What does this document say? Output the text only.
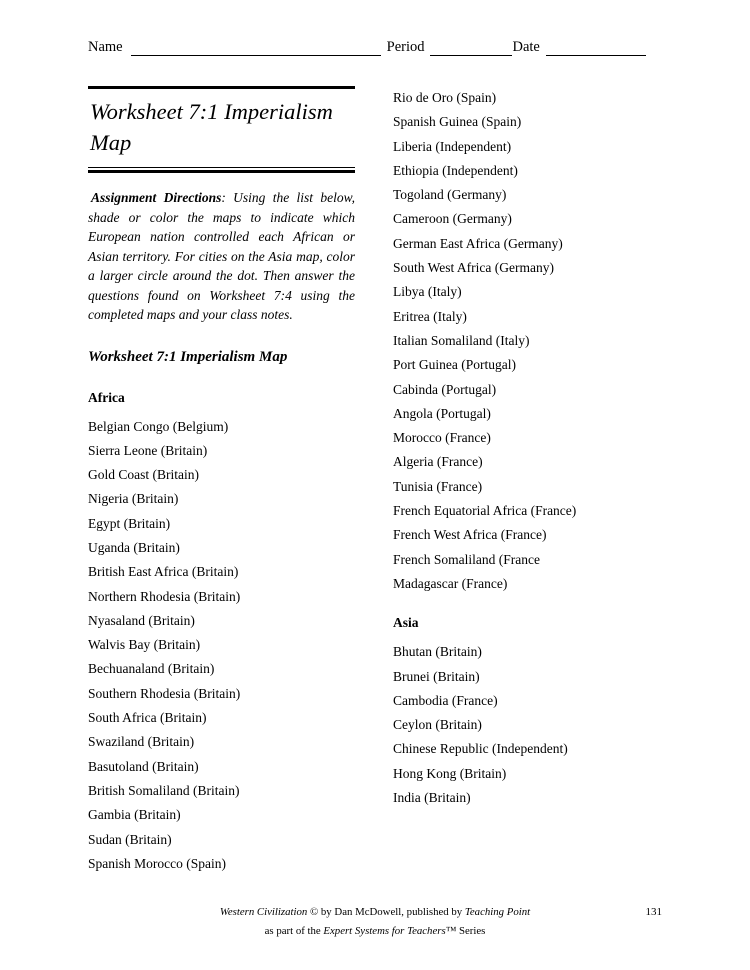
Name	Period	Date
Worksheet 7:1 Imperialism Map

Assignment Directions: Using the list below, shade or color the maps to indicate which European nation controlled each African or Asian territory. For cities on the Asia map, color a larger circle around the dot. Then answer the questions found on Worksheet 7:4 using the completed maps and your class notes.

Worksheet 7:1 Imperialism Map
Africa
Belgian Congo (Belgium)
Sierra Leone (Britain)
Gold Coast (Britain)
Nigeria (Britain)
Egypt (Britain)
Uganda (Britain)
British East Africa (Britain)
Northern Rhodesia (Britain)
Nyasaland (Britain)
Walvis Bay (Britain)
Bechuanaland (Britain)
Southern Rhodesia (Britain)
South Africa (Britain)
Swaziland (Britain)
Basutoland (Britain)
British Somaliland (Britain)
Gambia (Britain)
Sudan (Britain)
Spanish Morocco (Spain)
Rio de Oro (Spain)
Spanish Guinea (Spain)
Liberia (Independent)
Ethiopia (Independent)
Togoland (Germany)
Cameroon (Germany)
German East Africa (Germany)
South West Africa (Germany)
Libya (Italy)
Eritrea (Italy)
Italian Somaliland (Italy)
Port Guinea (Portugal)
Cabinda (Portugal)
Angola (Portugal)
Morocco (France)
Algeria (France)
Tunisia (France)
French Equatorial Africa (France)
French West Africa (France)
French Somaliland (France
Madagascar (France)
Asia
Bhutan (Britain)
Brunei (Britain)
Cambodia (France)
Ceylon (Britain)
Chinese Republic (Independent)
Hong Kong (Britain)
India (Britain)
Western Civilization © by Dan McDowell, published by Teaching Point
as part of the Expert Systems for Teachers™ Series
131
